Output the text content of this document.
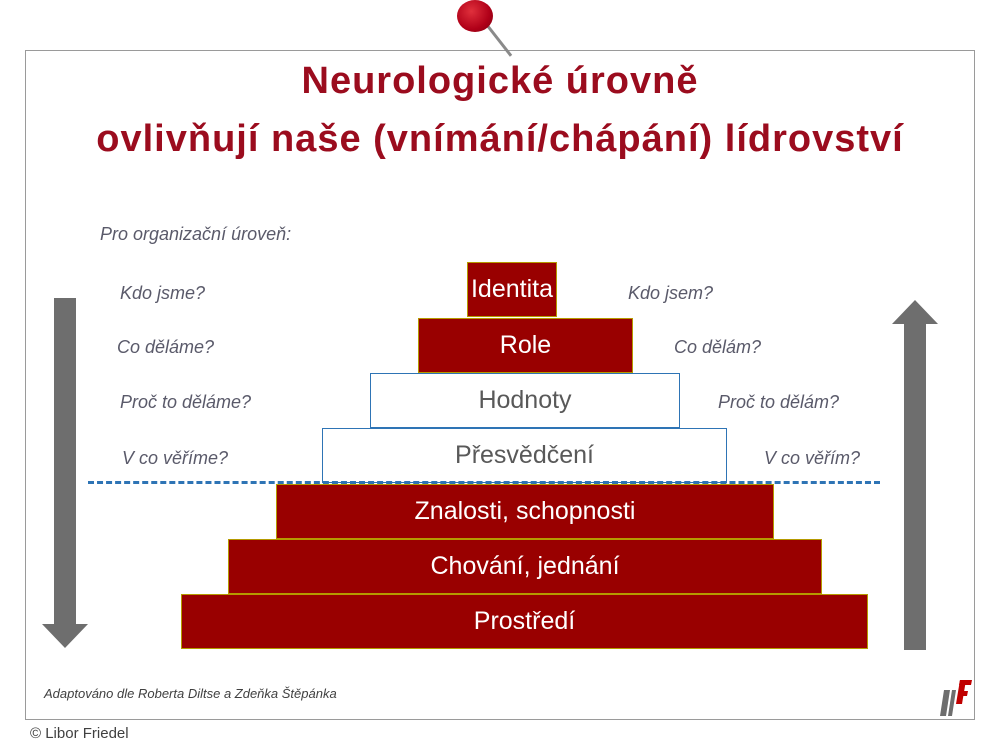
Neurologické úrovně
ovlivňují naše (vnímání/chápání) lídrovství
Pro organizační úroveň:
Kdo jsme?
Co děláme?
Proč to děláme?
V co věříme?
Kdo jsem?
Co dělám?
Proč to dělám?
V co věřím?
Identita
Role
Hodnoty
Přesvědčení
Znalosti, schopnosti
Chování, jednání
Prostředí
Adaptováno dle Roberta Diltse a Zdeňka Štěpánka
© Libor Friedel
